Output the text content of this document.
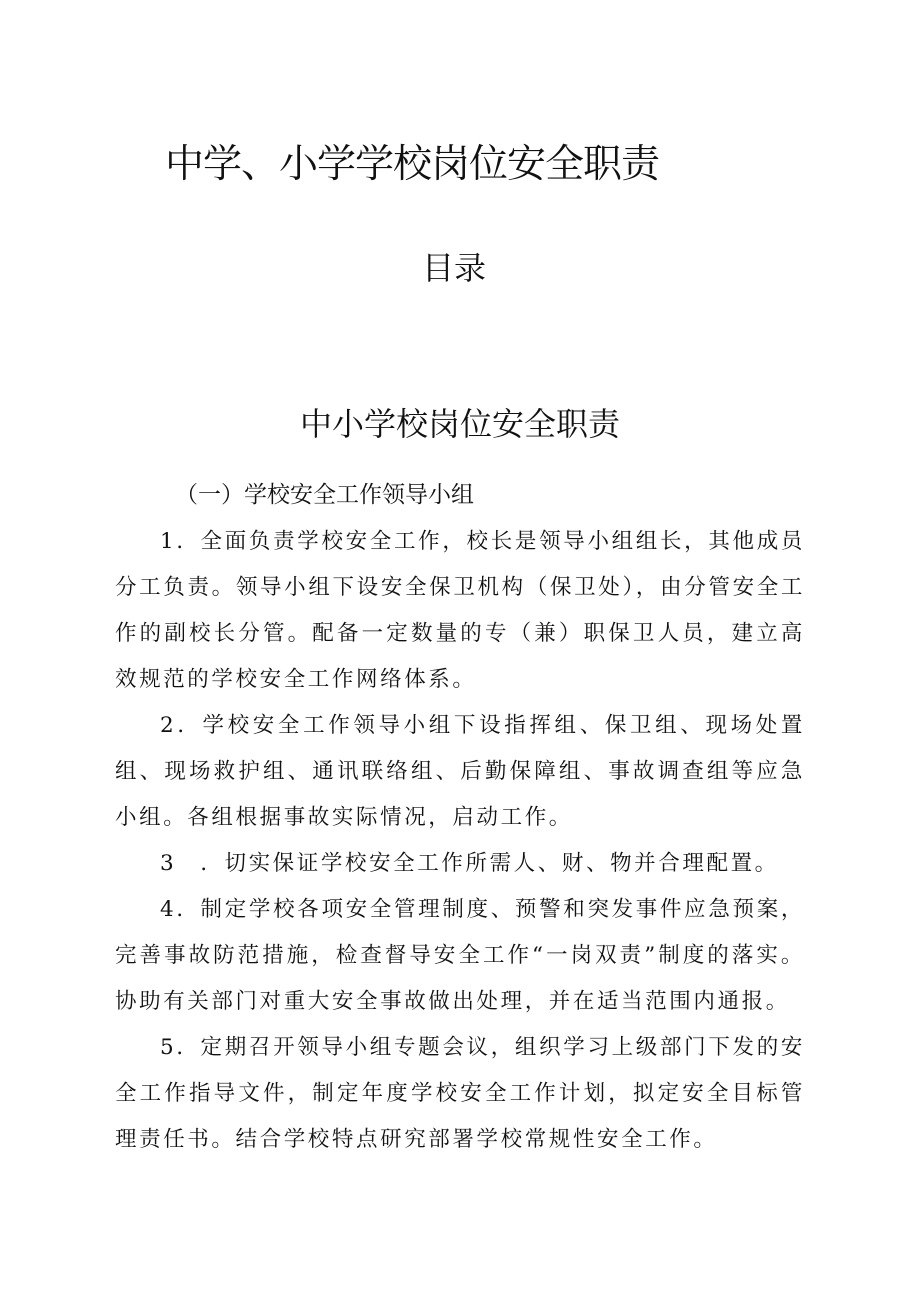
中学、小学学校岗位安全职责
目录
中小学校岗位安全职责
（一）学校安全工作领导小组

1．全面负责学校安全工作，校长是领导小组组长，其他成员分工负责。领导小组下设安全保卫机构（保卫处），由分管安全工作的副校长分管。配备一定数量的专（兼）职保卫人员，建立高效规范的学校安全工作网络体系。

2．学校安全工作领导小组下设指挥组、保卫组、现场处置组、现场救护组、通讯联络组、后勤保障组、事故调查组等应急小组。各组根据事故实际情况，启动工作。

3　．切实保证学校安全工作所需人、财、物并合理配置。

4．制定学校各项安全管理制度、预警和突发事件应急预案，完善事故防范措施，检查督导安全工作“一岗双责”制度的落实。协助有关部门对重大安全事故做出处理，并在适当范围内通报。

5．定期召开领导小组专题会议，组织学习上级部门下发的安全工作指导文件，制定年度学校安全工作计划，拟定安全目标管理责任书。结合学校特点研究部署学校常规性安全工作。
